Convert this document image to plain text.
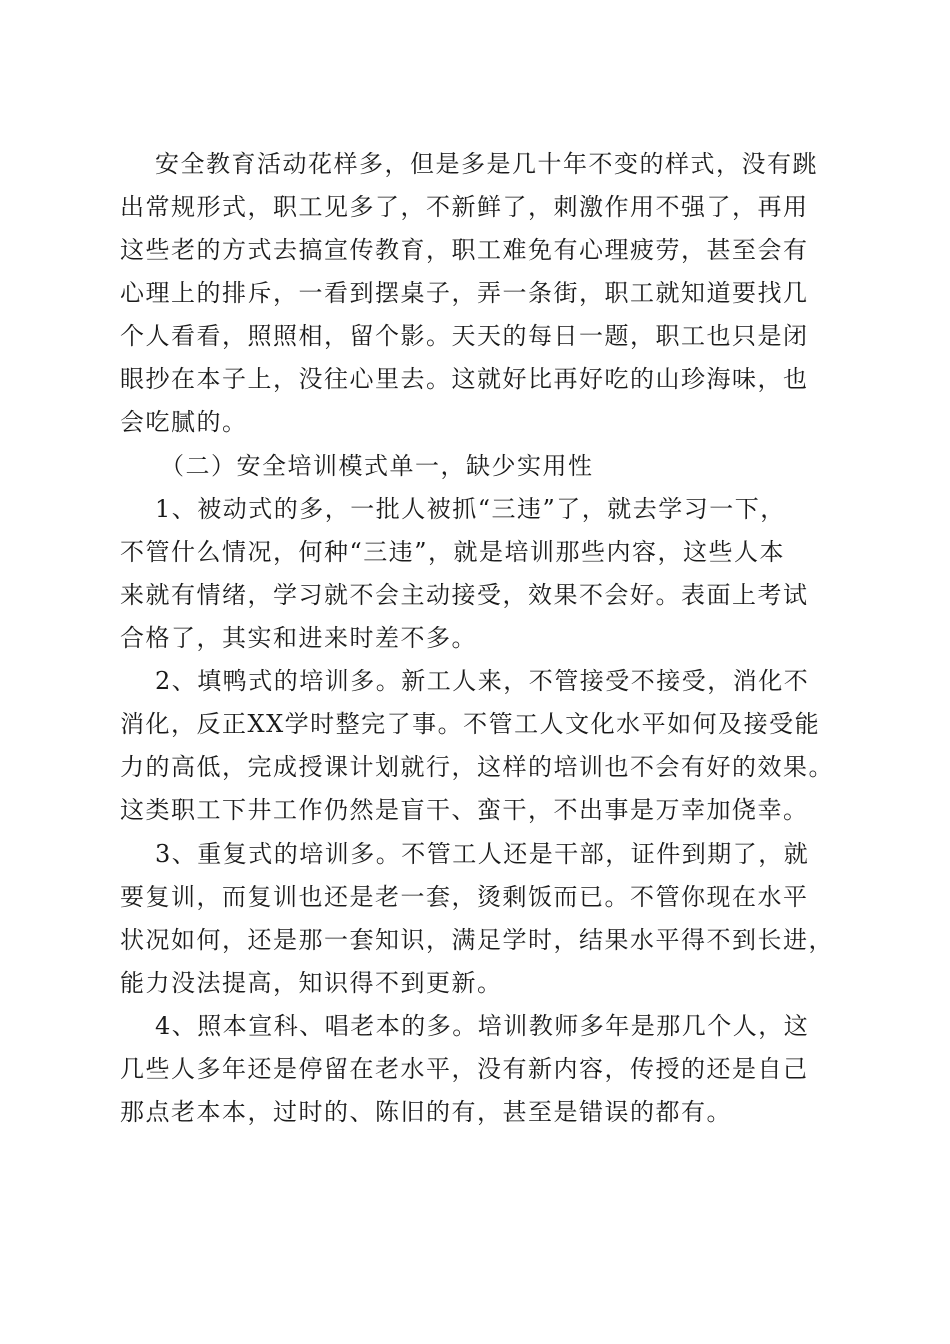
安全教育活动花样多，但是多是几十年不变的样式，没有跳

出常规形式，职工见多了，不新鲜了，刺激作用不强了，再用

这些老的方式去搞宣传教育，职工难免有心理疲劳，甚至会有

心理上的排斥，一看到摆桌子，弄一条街，职工就知道要找几

个人看看，照照相，留个影。天天的每日一题，职工也只是闭

眼抄在本子上，没往心里去。这就好比再好吃的山珍海味，也

会吃腻的。

（二）安全培训模式单一，缺少实用性

1、被动式的多，一批人被抓“三违”了，就去学习一下，

不管什么情况，何种“三违”，就是培训那些内容，这些人本

来就有情绪，学习就不会主动接受，效果不会好。表面上考试

合格了，其实和进来时差不多。

2、填鸭式的培训多。新工人来，不管接受不接受，消化不

消化，反正XX学时整完了事。不管工人文化水平如何及接受能

力的高低，完成授课计划就行，这样的培训也不会有好的效果。

这类职工下井工作仍然是盲干、蛮干，不出事是万幸加侥幸。

3、重复式的培训多。不管工人还是干部，证件到期了，就

要复训，而复训也还是老一套，烫剩饭而已。不管你现在水平

状况如何，还是那一套知识，满足学时，结果水平得不到长进，

能力没法提高，知识得不到更新。

4、照本宣科、唱老本的多。培训教师多年是那几个人，这

几些人多年还是停留在老水平，没有新内容，传授的还是自己

那点老本本，过时的、陈旧的有，甚至是错误的都有。
